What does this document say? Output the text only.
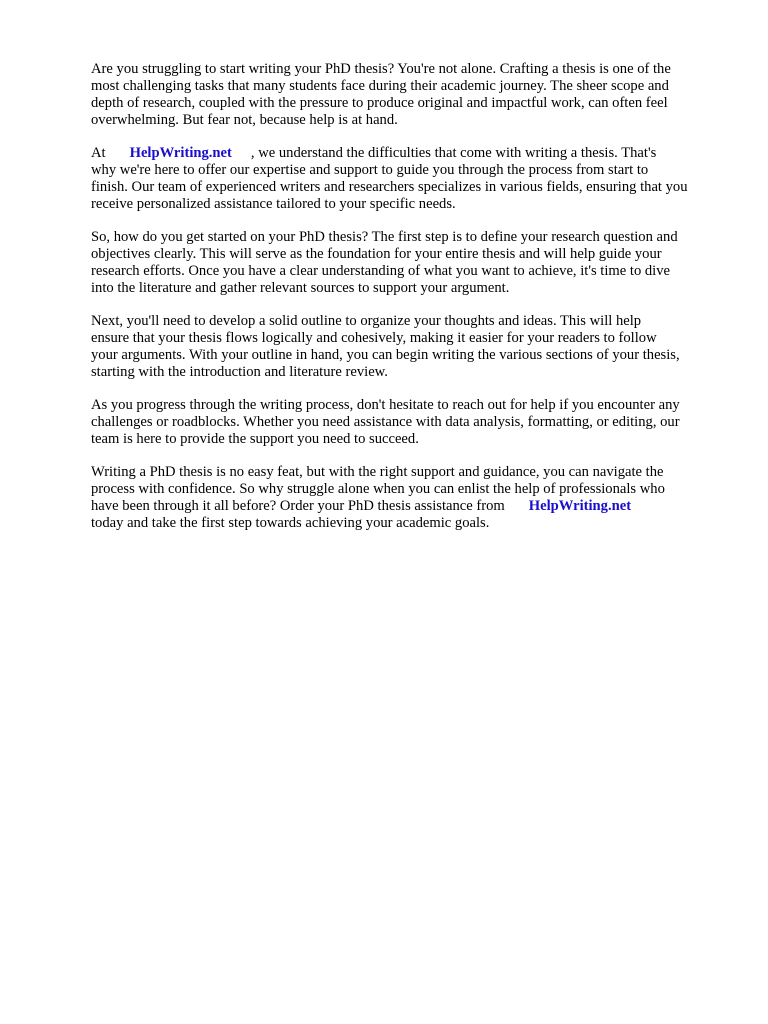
Are you struggling to start writing your PhD thesis? You're not alone. Crafting a thesis is one of the
most challenging tasks that many students face during their academic journey. The sheer scope and
depth of research, coupled with the pressure to produce original and impactful work, can often feel
overwhelming. But fear not, because help is at hand.

At HelpWriting.net , we understand the difficulties that come with writing a thesis. That's
why we're here to offer our expertise and support to guide you through the process from start to
finish. Our team of experienced writers and researchers specializes in various fields, ensuring that you
receive personalized assistance tailored to your specific needs.

So, how do you get started on your PhD thesis? The first step is to define your research question and
objectives clearly. This will serve as the foundation for your entire thesis and will help guide your
research efforts. Once you have a clear understanding of what you want to achieve, it's time to dive
into the literature and gather relevant sources to support your argument.

Next, you'll need to develop a solid outline to organize your thoughts and ideas. This will help
ensure that your thesis flows logically and cohesively, making it easier for your readers to follow
your arguments. With your outline in hand, you can begin writing the various sections of your thesis,
starting with the introduction and literature review.

As you progress through the writing process, don't hesitate to reach out for help if you encounter any
challenges or roadblocks. Whether you need assistance with data analysis, formatting, or editing, our
team is here to provide the support you need to succeed.

Writing a PhD thesis is no easy feat, but with the right support and guidance, you can navigate the
process with confidence. So why struggle alone when you can enlist the help of professionals who
have been through it all before? Order your PhD thesis assistance from HelpWriting.net
today and take the first step towards achieving your academic goals.
